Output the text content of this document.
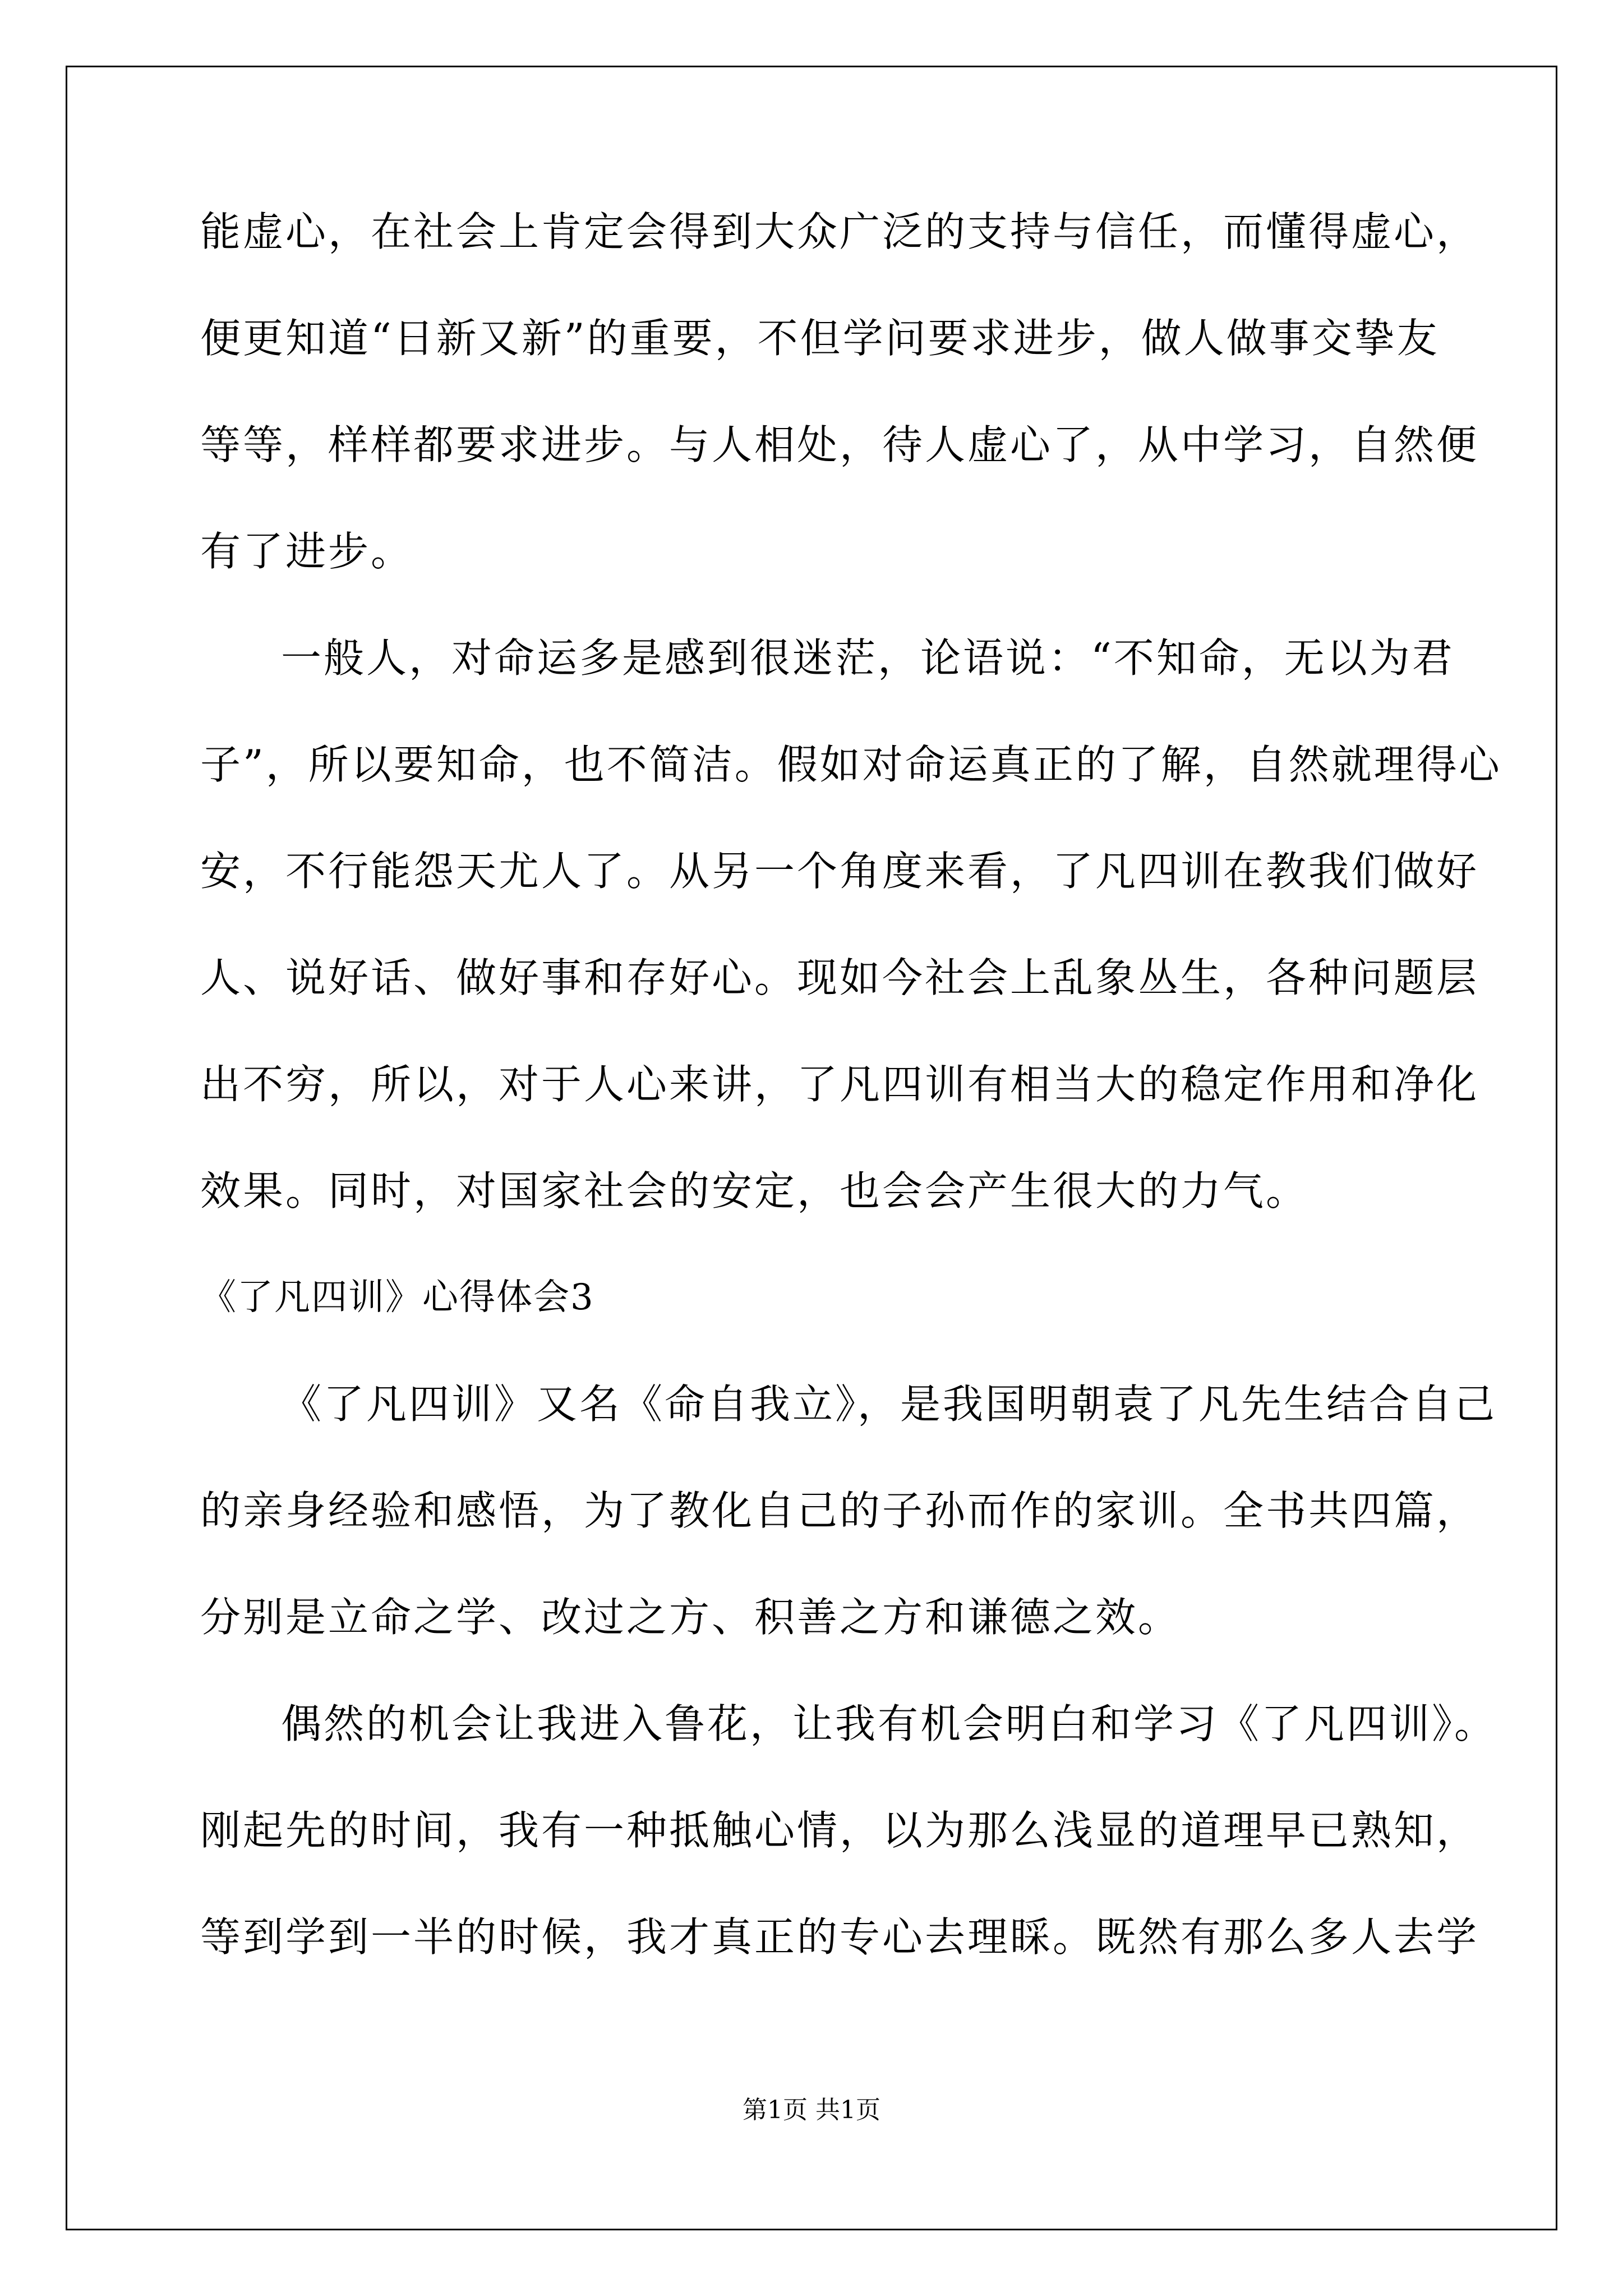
能虚心，在社会上肯定会得到大众广泛的支持与信任，而懂得虚心，
便更知道“日新又新”的重要，不但学问要求进步，做人做事交挚友
等等，样样都要求进步。与人相处，待人虚心了，从中学习，自然便
有了进步。
一般人，对命运多是感到很迷茫，论语说：“不知命，无以为君
子”，所以要知命，也不简洁。假如对命运真正的了解，自然就理得心
安，不行能怨天尤人了。从另一个角度来看，了凡四训在教我们做好
人、说好话、做好事和存好心。现如今社会上乱象丛生，各种问题层
出不穷，所以，对于人心来讲，了凡四训有相当大的稳定作用和净化
效果。同时，对国家社会的安定，也会会产生很大的力气。
《了凡四训》又名《命自我立》，是我国明朝袁了凡先生结合自己
的亲身经验和感悟，为了教化自己的子孙而作的家训。全书共四篇，
分别是立命之学、改过之方、积善之方和谦德之效。
偶然的机会让我进入鲁花，让我有机会明白和学习《了凡四训》。
刚起先的时间，我有一种抵触心情，以为那么浅显的道理早已熟知，
等到学到一半的时候，我才真正的专心去理睬。既然有那么多人去学
《了凡四训》心得体会3
第1页 共1页
